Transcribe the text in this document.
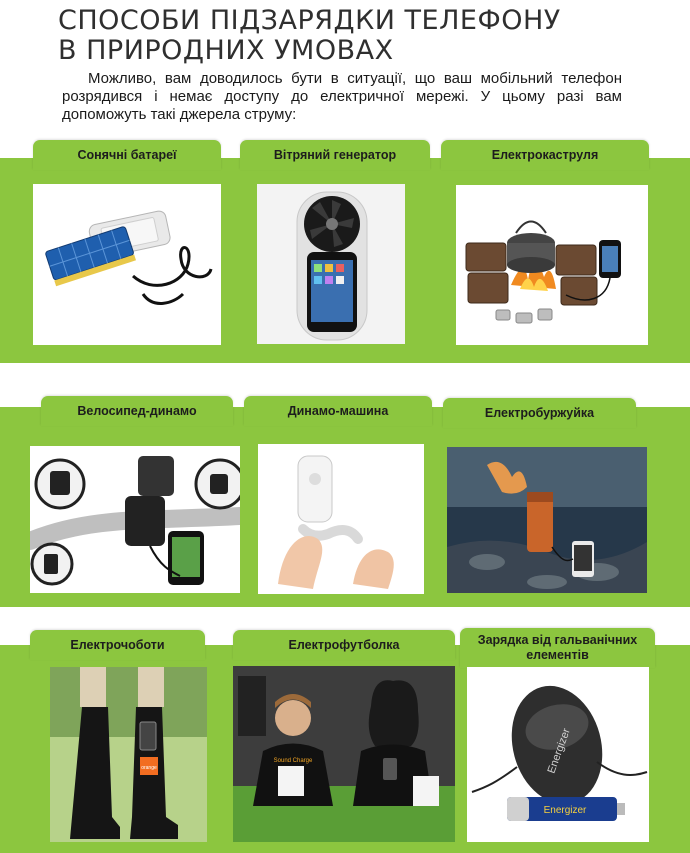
СПОСОБИ ПІДЗАРЯДКИ ТЕЛЕФОНУ
В ПРИРОДНИХ УМОВАХ

Можливо, вам доводилось бути в ситуації, що ваш мобільний телефон розрядився і немає доступу до електричної мережі. У цьому разі вам допоможуть такі джерела струму:

Сонячні батареї	Вітряний генератор	Електрокаструля
Велосипед-динамо	Динамо-машина	Електробуржуйка
Електрочоботи	Електрофутболка	Зарядка від гальванічних елементів
orange
Sound Charge	Energizer
Energizer
